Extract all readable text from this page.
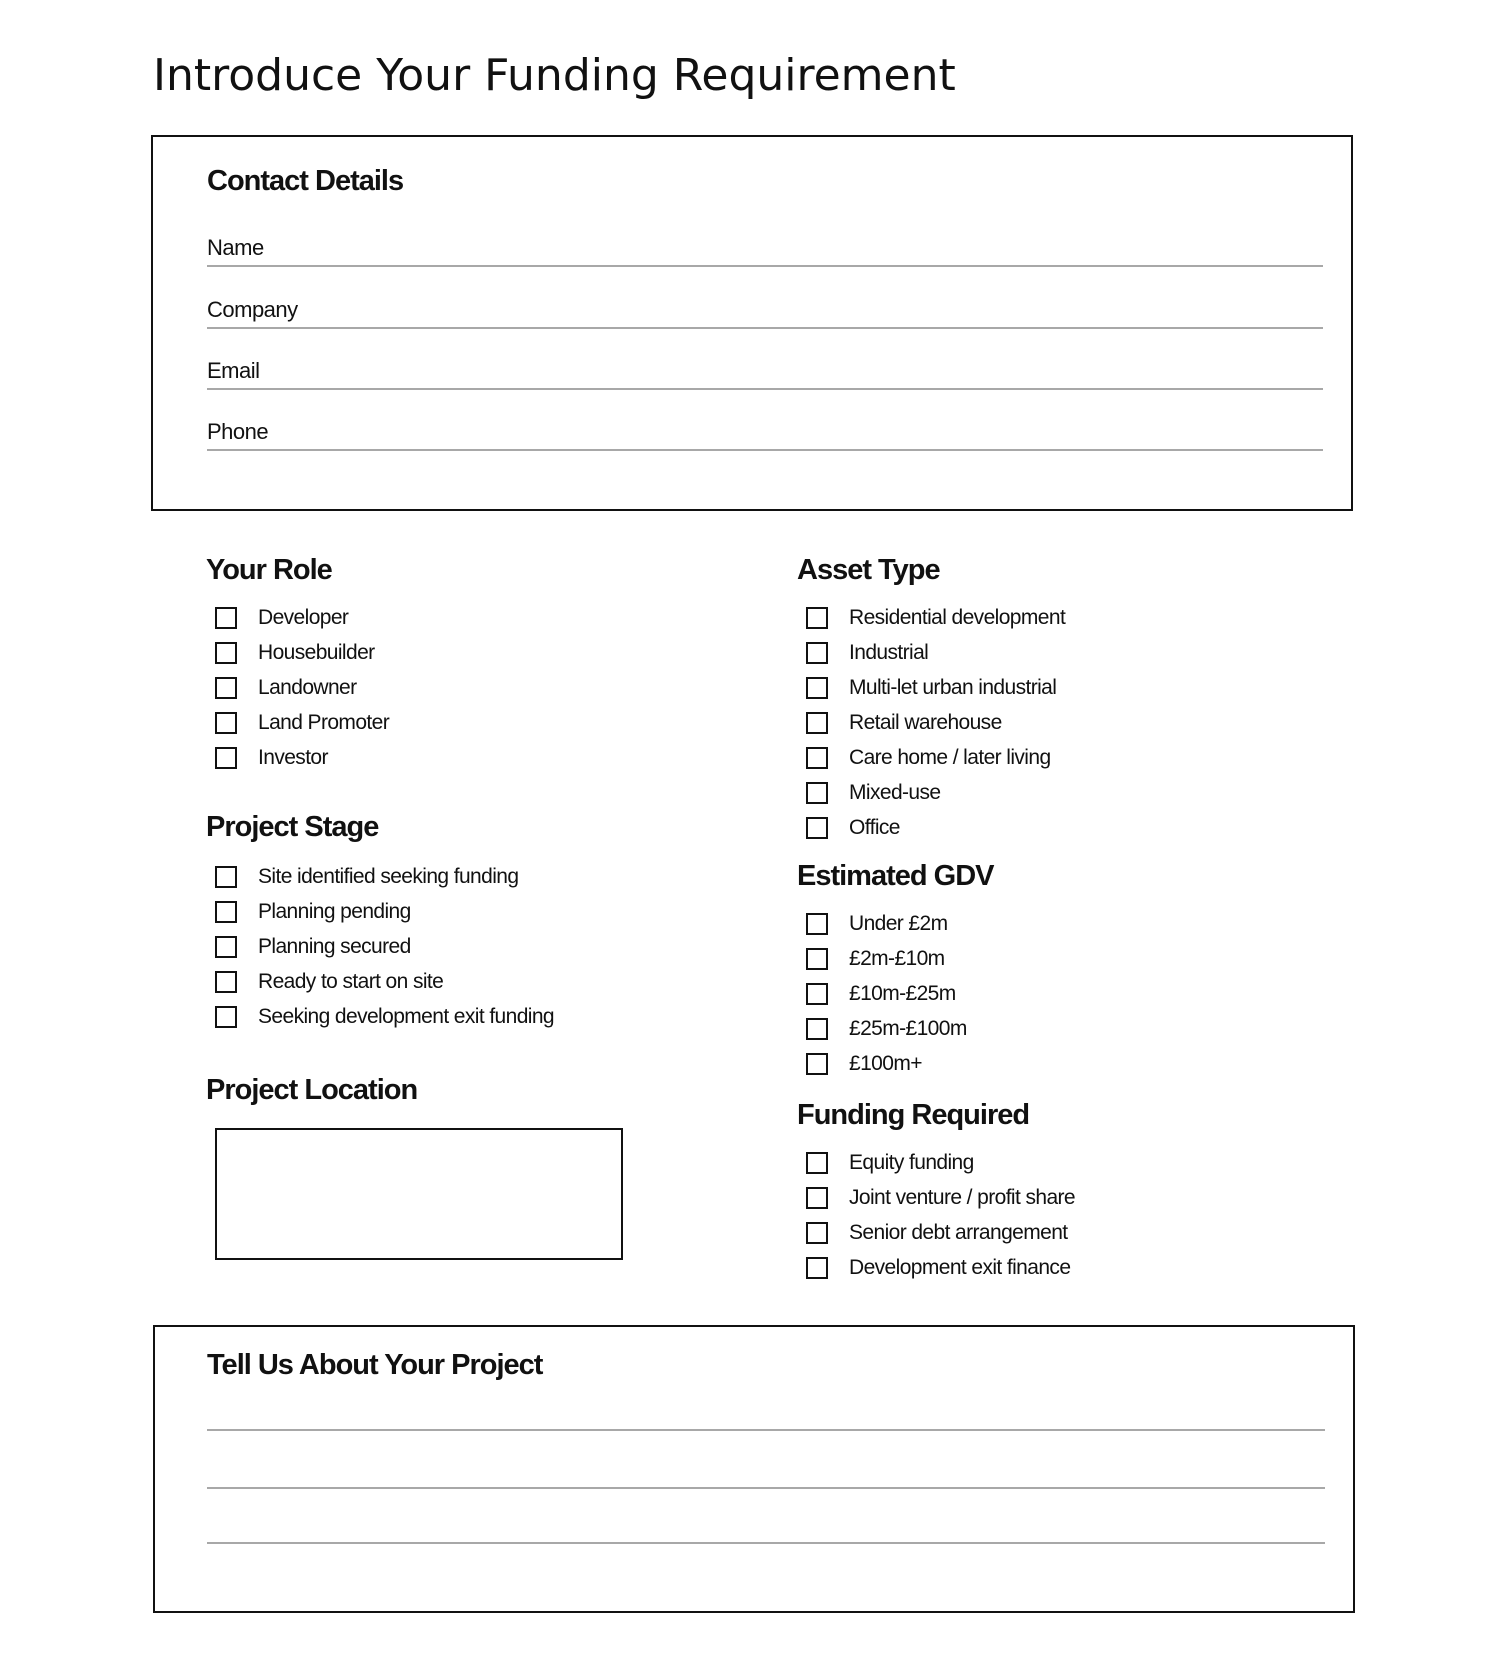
Introduce Your Funding Requirement
Contact Details
Name
Company
Email
Phone
Your Role
Developer
Housebuilder
Landowner
Land Promoter
Investor
Project Stage
Site identified seeking funding
Planning pending
Planning secured
Ready to start on site
Seeking development exit funding
Project Location
Asset Type
Residential development
Industrial
Multi-let urban industrial
Retail warehouse
Care home / later living
Mixed-use
Office
Estimated GDV
Under £2m
£2m-£10m
£10m-£25m
£25m-£100m
£100m+
Funding Required
Equity funding
Joint venture / profit share
Senior debt arrangement
Development exit finance
Tell Us About Your Project
